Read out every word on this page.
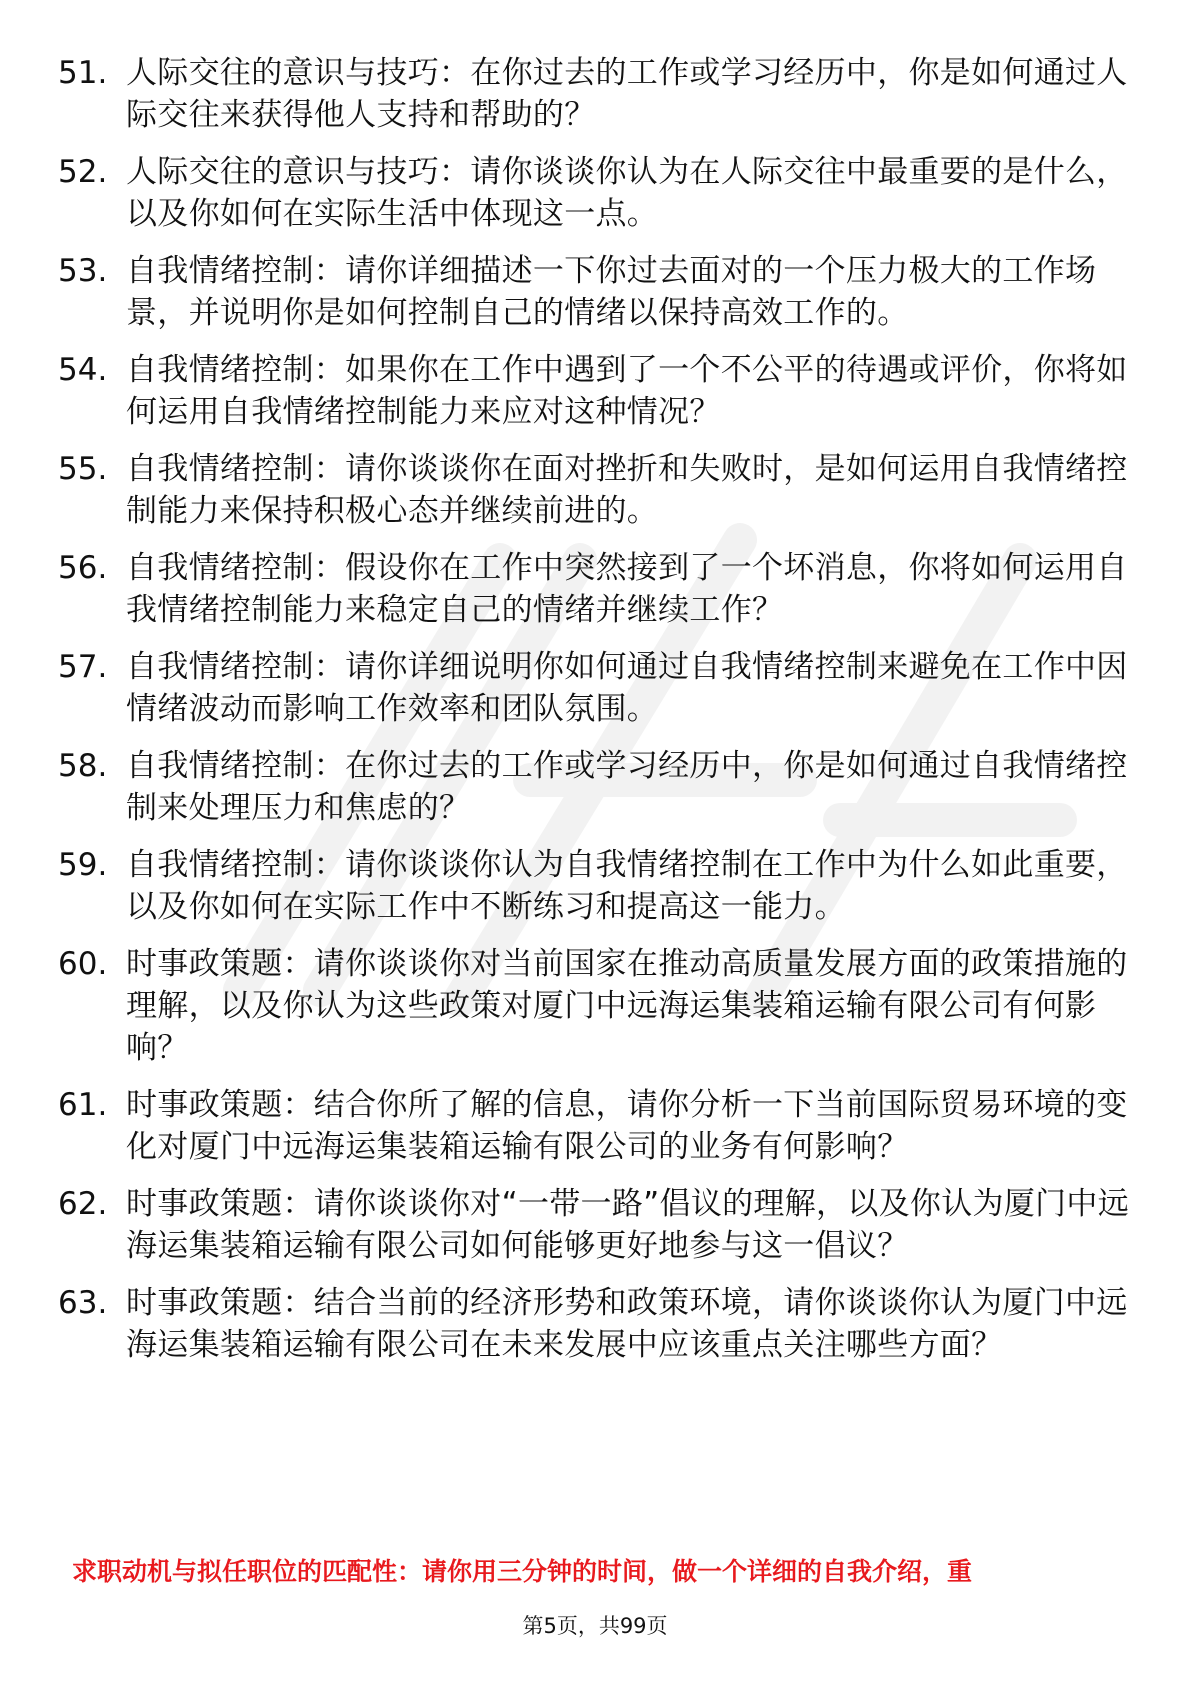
51. 人际交往的意识与技巧：在你过去的工作或学习经历中，你是如何通过人际交往来获得他人支持和帮助的？
52. 人际交往的意识与技巧：请你谈谈你认为在人际交往中最重要的是什么，以及你如何在实际生活中体现这一点。
53. 自我情绪控制：请你详细描述一下你过去面对的一个压力极大的工作场景，并说明你是如何控制自己的情绪以保持高效工作的。
54. 自我情绪控制：如果你在工作中遇到了一个不公平的待遇或评价，你将如何运用自我情绪控制能力来应对这种情况？
55. 自我情绪控制：请你谈谈你在面对挫折和失败时，是如何运用自我情绪控制能力来保持积极心态并继续前进的。
56. 自我情绪控制：假设你在工作中突然接到了一个坏消息，你将如何运用自我情绪控制能力来稳定自己的情绪并继续工作？
57. 自我情绪控制：请你详细说明你如何通过自我情绪控制来避免在工作中因情绪波动而影响工作效率和团队氛围。
58. 自我情绪控制：在你过去的工作或学习经历中，你是如何通过自我情绪控制来处理压力和焦虑的？
59. 自我情绪控制：请你谈谈你认为自我情绪控制在工作中为什么如此重要，以及你如何在实际工作中不断练习和提高这一能力。
60. 时事政策题：请你谈谈你对当前国家在推动高质量发展方面的政策措施的理解，以及你认为这些政策对厦门中远海运集装箱运输有限公司有何影响？
61. 时事政策题：结合你所了解的信息，请你分析一下当前国际贸易环境的变化对厦门中远海运集装箱运输有限公司的业务有何影响？
62. 时事政策题：请你谈谈你对“一带一路”倡议的理解，以及你认为厦门中远海运集装箱运输有限公司如何能够更好地参与这一倡议？
63. 时事政策题：结合当前的经济形势和政策环境，请你谈谈你认为厦门中远海运集装箱运输有限公司在未来发展中应该重点关注哪些方面？
求职动机与拟任职位的匹配性：请你用三分钟的时间，做一个详细的自我介绍，重
第5页，共99页
